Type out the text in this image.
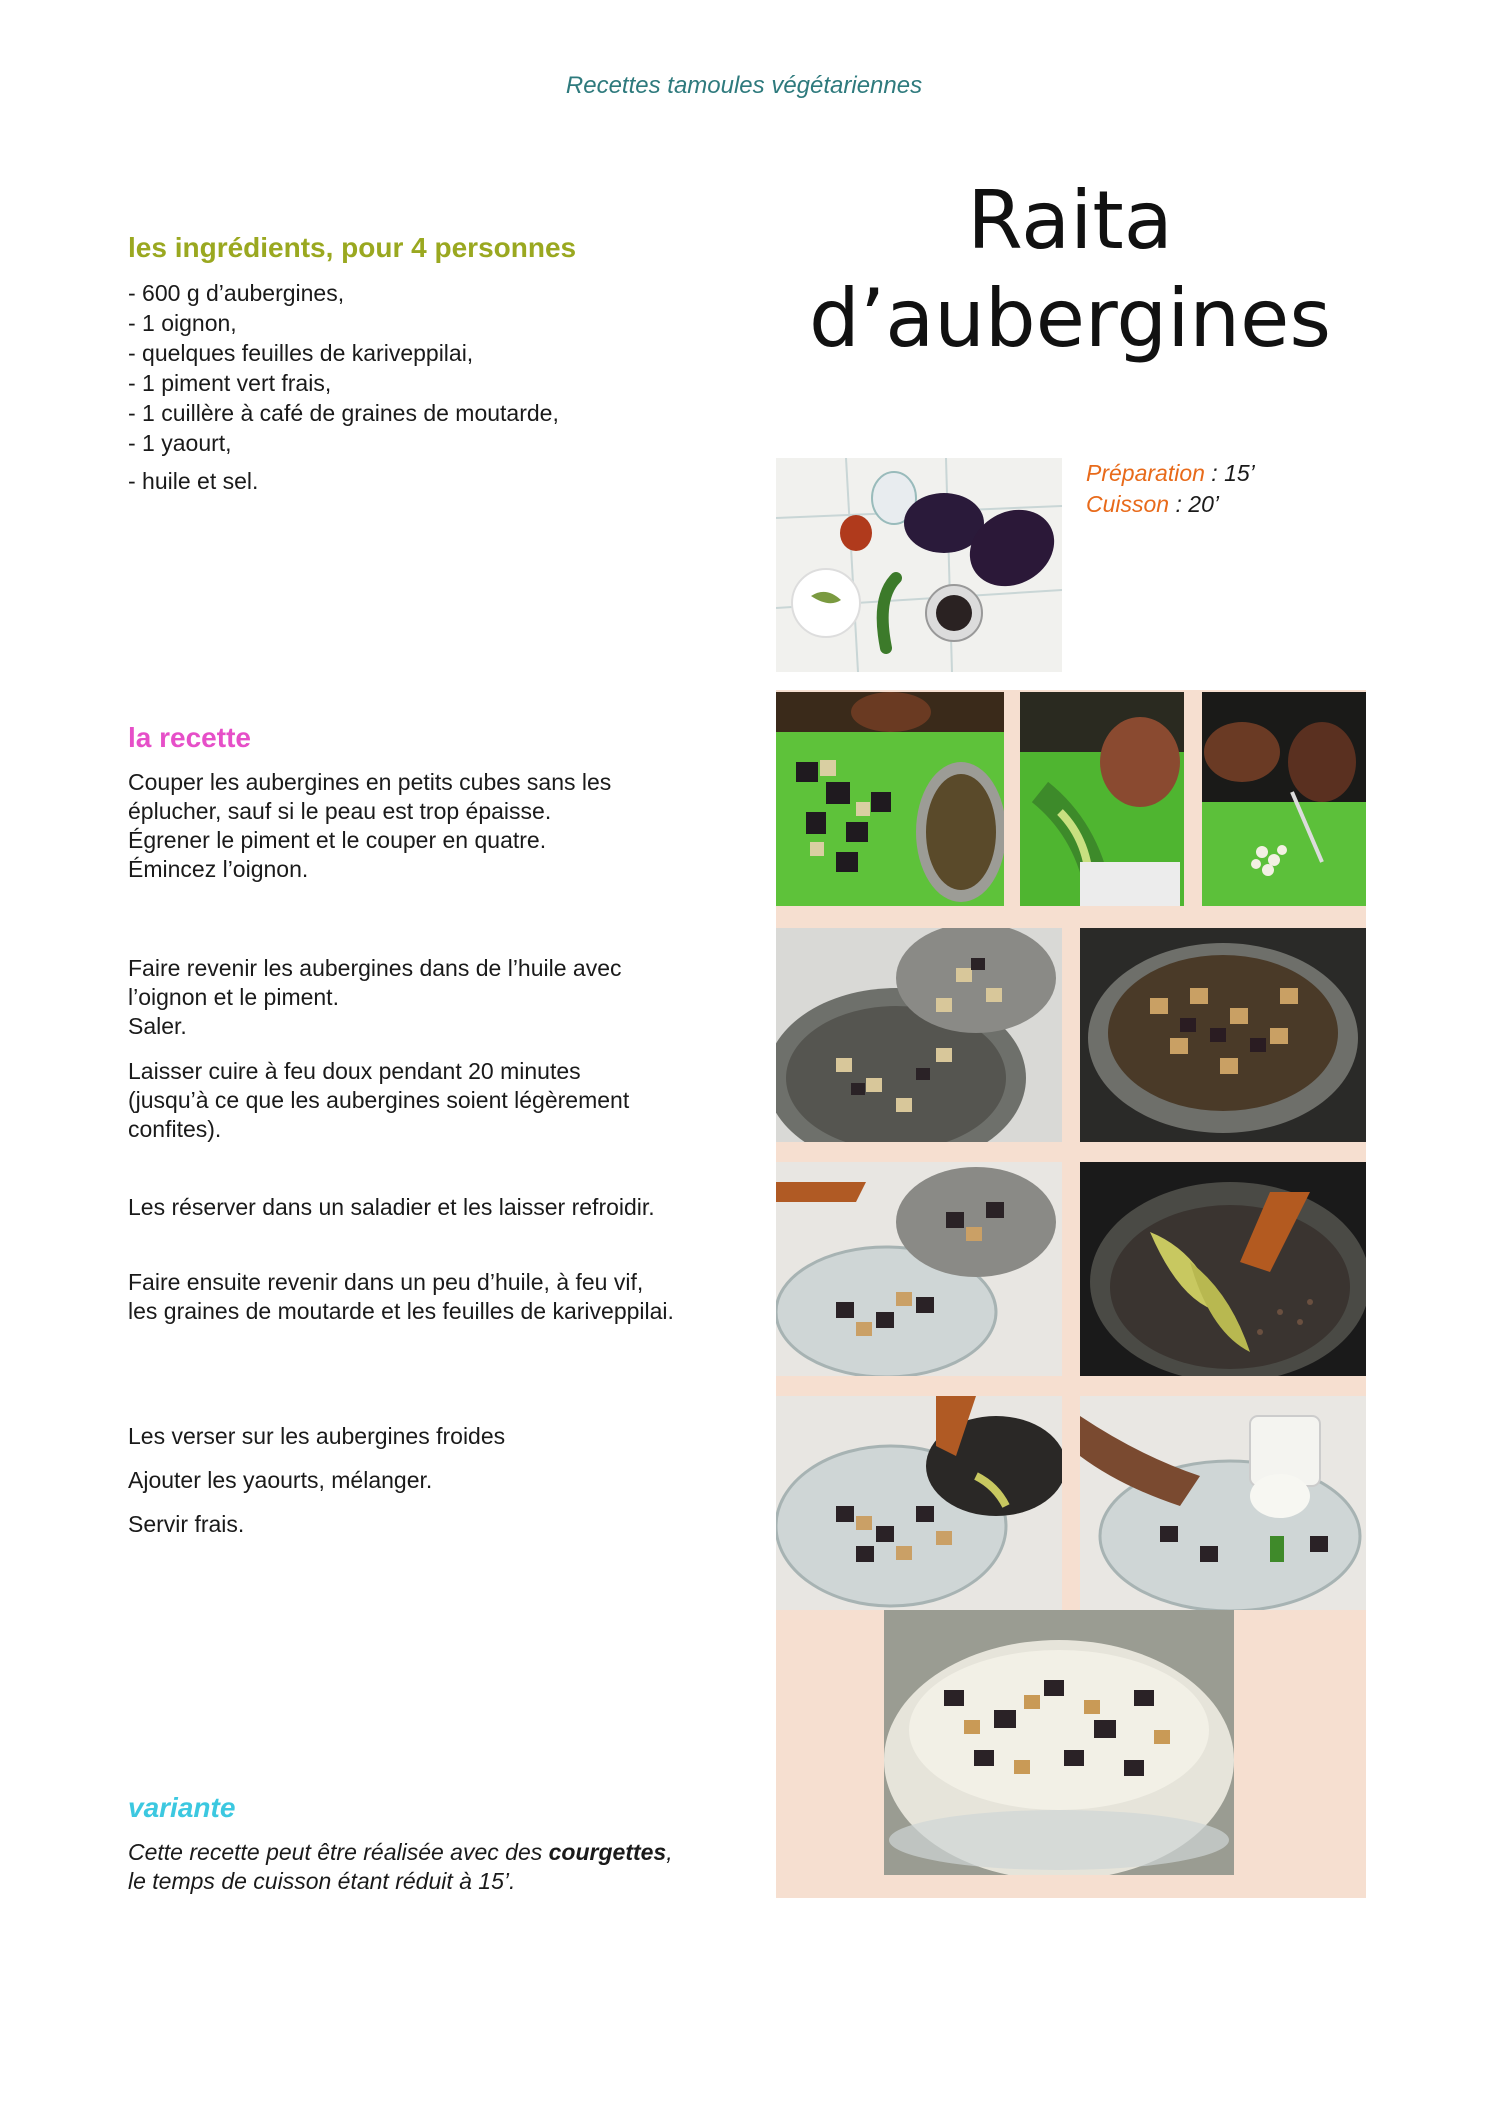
Recettes tamoules végétariennes
Raita
d’aubergines
les ingrédients, pour 4 personnes
- 600 g d’aubergines,
- 1 oignon,
- quelques feuilles de kariveppilai,
- 1 piment vert frais,
- 1 cuillère à café de graines de moutarde,
- 1 yaourt,
- huile et sel.	Préparation : 15’
Cuisson : 20’
la recette
Couper les aubergines en petits cubes sans les
éplucher, sauf si le peau est trop épaisse.
Égrener le piment et le couper en quatre.
Émincez l’oignon.
Faire revenir les aubergines dans de l’huile avec
l’oignon et le piment.
Saler.
Laisser cuire à feu doux pendant 20 minutes
(jusqu’à ce que les aubergines soient légèrement
confites).
Les réserver dans un saladier et les laisser refroidir.
Faire ensuite revenir dans un peu d’huile, à feu vif,
les graines de moutarde et les feuilles de kariveppilai.
Les verser sur les aubergines froides
Ajouter les yaourts, mélanger.
Servir frais.
variante
Cette recette peut être réalisée avec des courgettes,
le temps de cuisson étant réduit à 15’.
